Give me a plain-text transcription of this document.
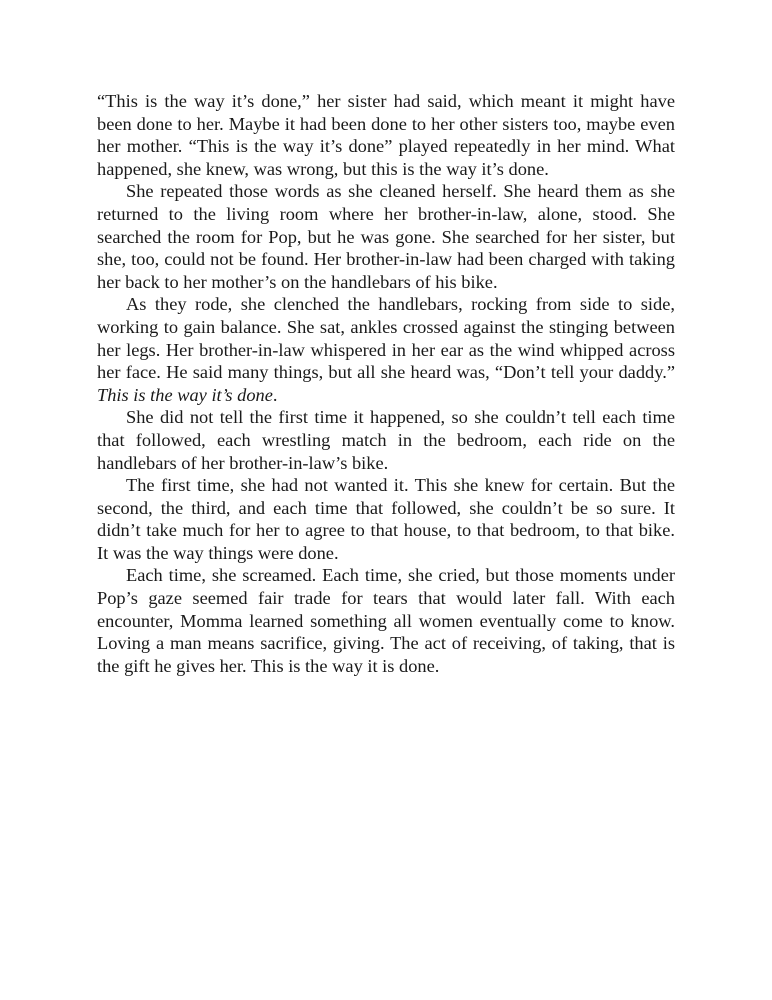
“This is the way it’s done,” her sister had said, which meant it might have been done to her. Maybe it had been done to her other sisters too, maybe even her mother. “This is the way it’s done” played repeatedly in her mind. What happened, she knew, was wrong, but this is the way it’s done.

She repeated those words as she cleaned herself. She heard them as she returned to the living room where her brother-in-law, alone, stood. She searched the room for Pop, but he was gone. She searched for her sister, but she, too, could not be found. Her brother-in-law had been charged with taking her back to her mother’s on the handlebars of his bike.

As they rode, she clenched the handlebars, rocking from side to side, working to gain balance. She sat, ankles crossed against the stinging between her legs. Her brother-in-law whispered in her ear as the wind whipped across her face. He said many things, but all she heard was, “Don’t tell your daddy.” This is the way it’s done.

She did not tell the first time it happened, so she couldn’t tell each time that followed, each wrestling match in the bedroom, each ride on the handlebars of her brother-in-law’s bike.

The first time, she had not wanted it. This she knew for certain. But the second, the third, and each time that followed, she couldn’t be so sure. It didn’t take much for her to agree to that house, to that bedroom, to that bike. It was the way things were done.

Each time, she screamed. Each time, she cried, but those moments under Pop’s gaze seemed fair trade for tears that would later fall. With each encounter, Momma learned something all women eventually come to know. Loving a man means sacrifice, giving. The act of receiving, of taking, that is the gift he gives her. This is the way it is done.
